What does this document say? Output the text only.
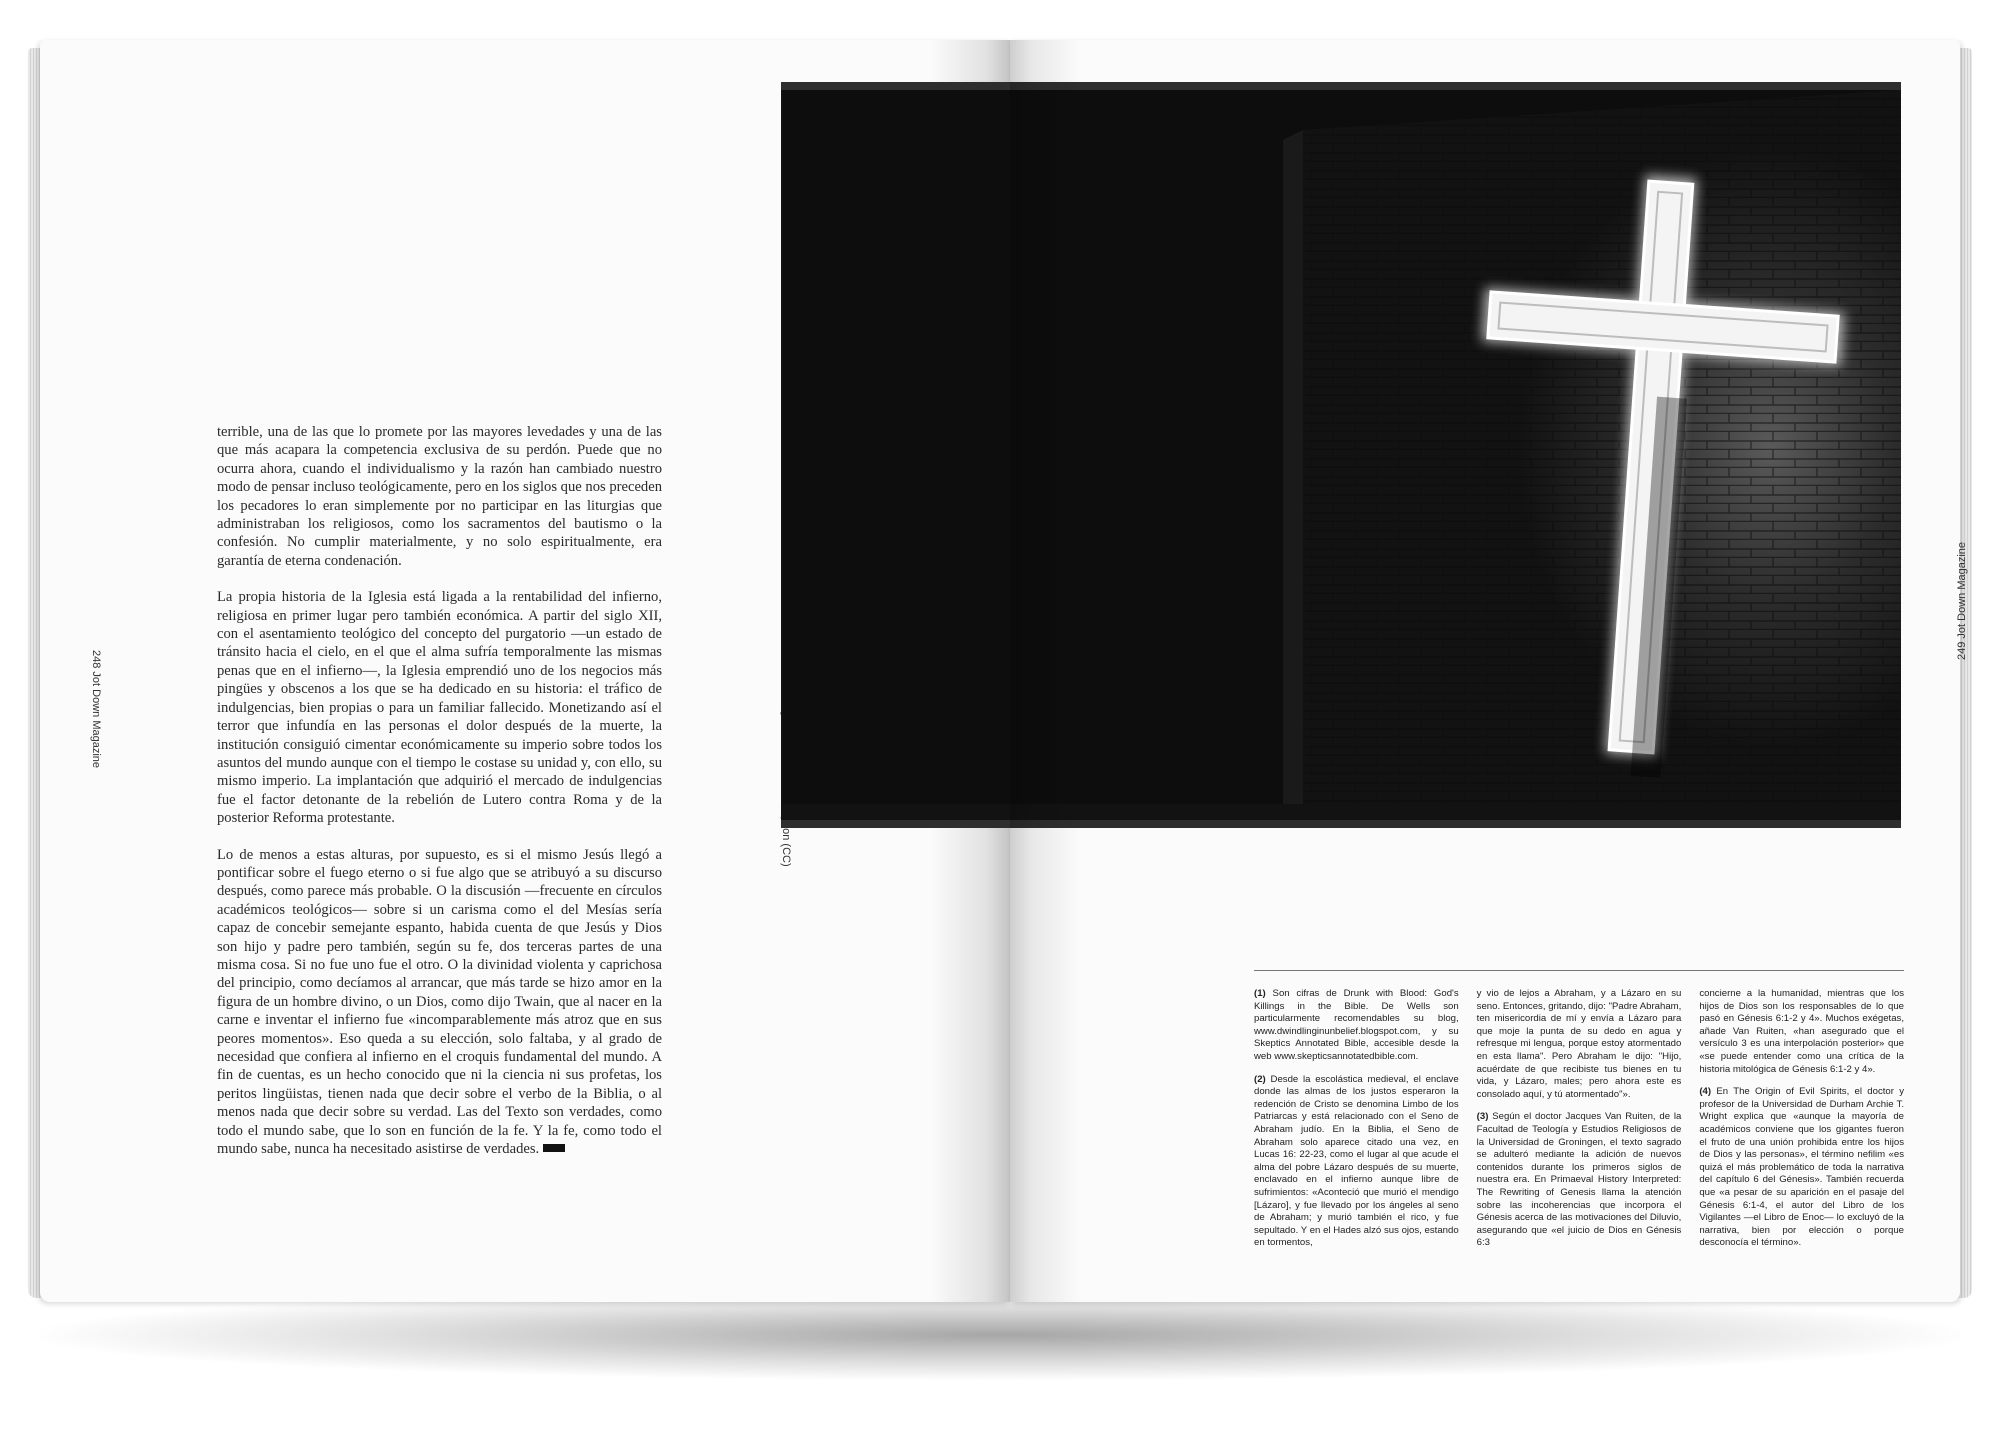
248 Jot Down Magazine

terrible, una de las que lo promete por las mayores levedades y una de las que más acapara la competencia exclusiva de su perdón. Puede que no ocurra ahora, cuando el individualismo y la razón han cambiado nuestro modo de pensar incluso teológicamente, pero en los siglos que nos preceden los pecadores lo eran simplemente por no participar en las liturgias que administraban los religiosos, como los sacramentos del bautismo o la confesión. No cumplir materialmente, y no solo espiritualmente, era garantía de eterna condenación.

La propia historia de la Iglesia está ligada a la rentabilidad del infierno, religiosa en primer lugar pero también económica. A partir del siglo XII, con el asentamiento teológico del concepto del purgatorio —un estado de tránsito hacia el cielo, en el que el alma sufría temporalmente las mismas penas que en el infierno—, la Iglesia emprendió uno de los negocios más pingües y obscenos a los que se ha dedicado en su historia: el tráfico de indulgencias, bien propias o para un familiar fallecido. Monetizando así el terror que infundía en las personas el dolor después de la muerte, la institución consiguió cimentar económicamente su imperio sobre todos los asuntos del mundo aunque con el tiempo le costase su unidad y, con ello, su mismo imperio. La implantación que adquirió el mercado de indulgencias fue el factor detonante de la rebelión de Lutero contra Roma y de la posterior Reforma protestante.

Lo de menos a estas alturas, por supuesto, es si el mismo Jesús llegó a pontificar sobre el fuego eterno o si fue algo que se atribuyó a su discurso después, como parece más probable. O la discusión —frecuente en círculos académicos teológicos— sobre si un carisma como el del Mesías sería capaz de concebir semejante espanto, habida cuenta de que Jesús y Dios son hijo y padre pero también, según su fe, dos terceras partes de una misma cosa. Si no fue uno fue el otro. O la divinidad violenta y caprichosa del principio, como decíamos al arrancar, que más tarde se hizo amor en la figura de un hombre divino, o un Dios, como dijo Twain, que al nacer en la carne e inventar el infierno fue «incomparablemente más atroz que en sus peores momentos». Eso queda a su elección, solo faltaba, y al grado de necesidad que confiera al infierno en el croquis fundamental del mundo. A fin de cuentas, es un hecho conocido que ni la ciencia ni sus profetas, los peritos lingüistas, tienen nada que decir sobre el verbo de la Biblia, o al menos nada que decir sobre su verdad. Las del Texto son verdades, como todo el mundo sabe, que lo son en función de la fe. Y la fe, como todo el mundo sabe, nunca ha necesitado asistirse de verdades.

(CC)
249 Jot Down Magazine

(1) Son cifras de Drunk with Blood: God's Killings in the Bible. De Wells son particularmente recomendables su blog, www.dwindlinginunbelief.blogspot.com, y su Skeptics Annotated Bible, accesible desde la web www.skepticsannotatedbible.com.

(2) Desde la escolástica medieval, el enclave donde las almas de los justos esperaron la redención de Cristo se denomina Limbo de los Patriarcas y está relacionado con el Seno de Abraham judío. En la Biblia, el Seno de Abraham solo aparece citado una vez, en Lucas 16: 22-23, como el lugar al que acude el alma del pobre Lázaro después de su muerte, enclavado en el infierno aunque libre de sufrimientos: «Aconteció que murió el mendigo [Lázaro], y fue llevado por los ángeles al seno de Abraham; y murió también el rico, y fue sepultado. Y en el Hades alzó sus ojos, estando en tormentos,

y vio de lejos a Abraham, y a Lázaro en su seno. Entonces, gritando, dijo: "Padre Abraham, ten misericordia de mí y envía a Lázaro para que moje la punta de su dedo en agua y refresque mi lengua, porque estoy atormentado en esta llama". Pero Abraham le dijo: "Hijo, acuérdate de que recibiste tus bienes en tu vida, y Lázaro, males; pero ahora este es consolado aquí, y tú atormentado"».

(3) Según el doctor Jacques Van Ruiten, de la Facultad de Teología y Estudios Religiosos de la Universidad de Groningen, el texto sagrado se adulteró mediante la adición de nuevos contenidos durante los primeros siglos de nuestra era. En Primaeval History Interpreted: The Rewriting of Genesis llama la atención sobre las incoherencias que incorpora el Génesis acerca de las motivaciones del Diluvio, asegurando que «el juicio de Dios en Génesis 6:3

concierne a la humanidad, mientras que los hijos de Dios son los responsables de lo que pasó en Génesis 6:1-2 y 4». Muchos exégetas, añade Van Ruiten, «han asegurado que el versículo 3 es una interpolación posterior» que «se puede entender como una crítica de la historia mitológica de Génesis 6:1-2 y 4».

(4) En The Origin of Evil Spirits, el doctor y profesor de la Universidad de Durham Archie T. Wright explica que «aunque la mayoría de académicos conviene que los gigantes fueron el fruto de una unión prohibida entre los hijos de Dios y las personas», el término nefilim «es quizá el más problemático de toda la narrativa del capítulo 6 del Génesis». También recuerda que «a pesar de su aparición en el pasaje del Génesis 6:1-4, el autor del Libro de los Vigilantes —el Libro de Enoc— lo excluyó de la narrativa, bien por elección o porque desconocía el término».
